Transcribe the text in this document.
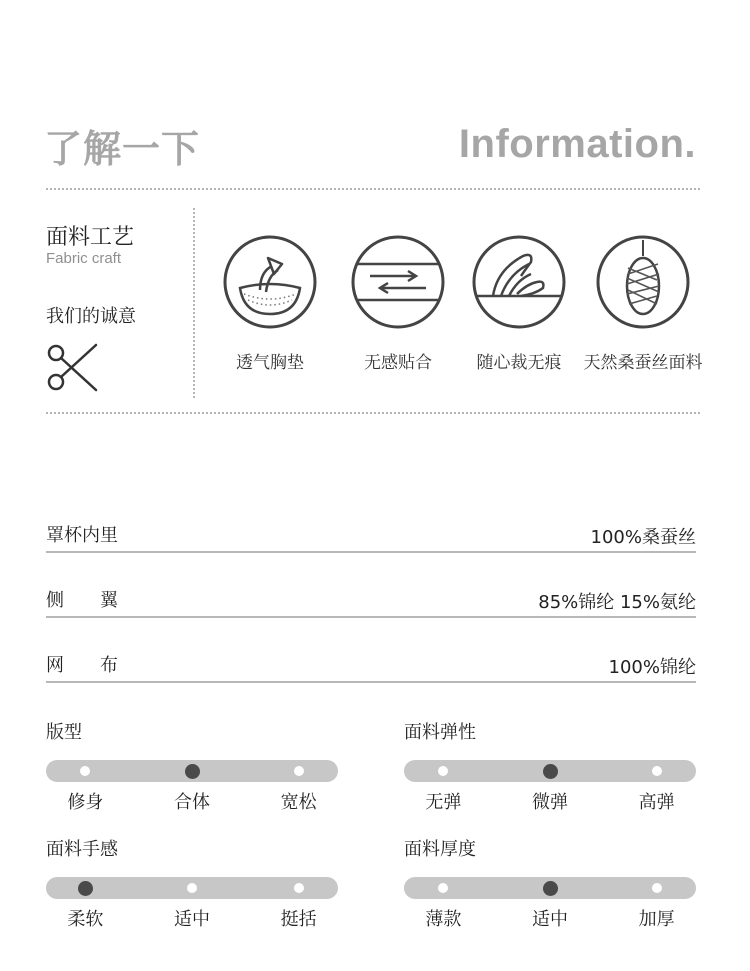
了解一下	Information.
面料工艺
Fabric craft
我们的诚意
透气胸垫	无感贴合	随心裁无痕	天然桑蚕丝面料
罩杯内里	100%桑蚕丝
侧　　翼	85%锦纶 15%氨纶
网　　布	100%锦纶
版型
修身	合体	宽松
面料弹性
无弹	微弹	高弹
面料手感
柔软	适中	挺括
面料厚度
薄款	适中	加厚
